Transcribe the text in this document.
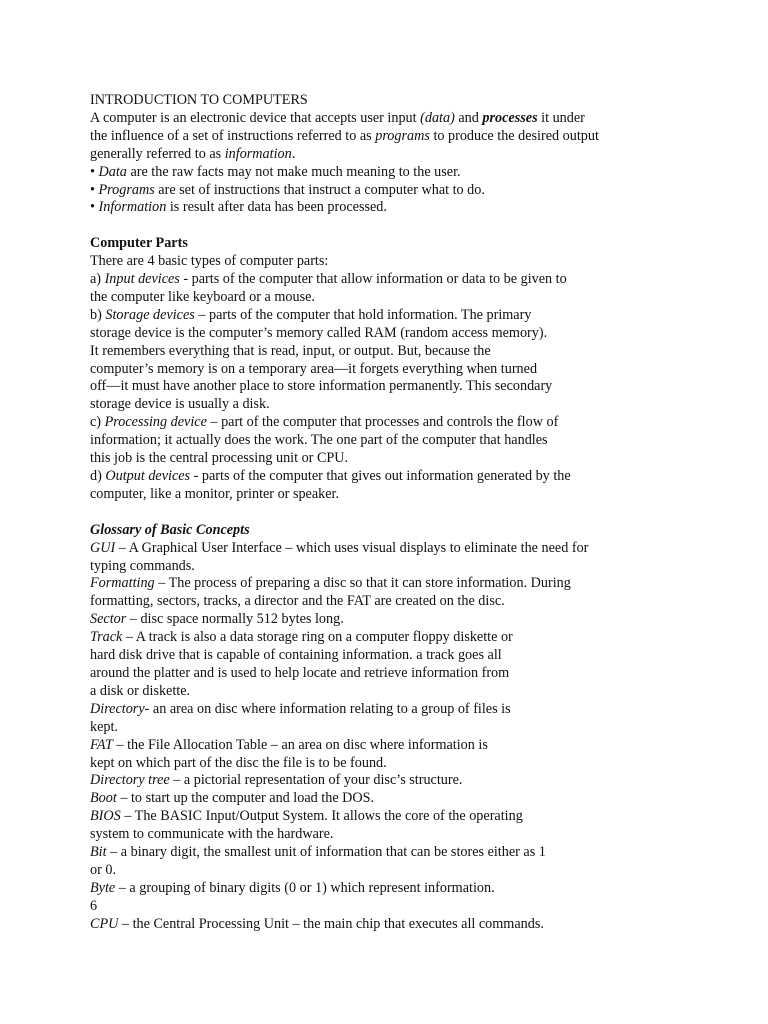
INTRODUCTION TO COMPUTERS
A computer is an electronic device that accepts user input (data) and processes it under
the influence of a set of instructions referred to as programs to produce the desired output
generally referred to as information.
• Data are the raw facts may not make much meaning to the user.
• Programs are set of instructions that instruct a computer what to do.
• Information is result after data has been processed.
Computer Parts
There are 4 basic types of computer parts:
a) Input devices - parts of the computer that allow information or data to be given to
the computer like keyboard or a mouse.
b) Storage devices – parts of the computer that hold information. The primary
storage device is the computer’s memory called RAM (random access memory).
It remembers everything that is read, input, or output. But, because the
computer’s memory is on a temporary area—it forgets everything when turned
off—it must have another place to store information permanently. This secondary
storage device is usually a disk.
c) Processing device – part of the computer that processes and controls the flow of
information; it actually does the work. The one part of the computer that handles
this job is the central processing unit or CPU.
d) Output devices - parts of the computer that gives out information generated by the
computer, like a monitor, printer or speaker.
Glossary of Basic Concepts
GUI – A Graphical User Interface – which uses visual displays to eliminate the need for
typing commands.
Formatting – The process of preparing a disc so that it can store information. During
formatting, sectors, tracks, a director and the FAT are created on the disc.
Sector – disc space normally 512 bytes long.
Track – A track is also a data storage ring on a computer floppy diskette or
hard disk drive that is capable of containing information. a track goes all
around the platter and is used to help locate and retrieve information from
a disk or diskette.
Directory- an area on disc where information relating to a group of files is
kept.
FAT – the File Allocation Table – an area on disc where information is
kept on which part of the disc the file is to be found.
Directory tree – a pictorial representation of your disc’s structure.
Boot – to start up the computer and load the DOS.
BIOS – The BASIC Input/Output System. It allows the core of the operating
system to communicate with the hardware.
Bit – a binary digit, the smallest unit of information that can be stores either as 1
or 0.
Byte – a grouping of binary digits (0 or 1) which represent information.
6
CPU – the Central Processing Unit – the main chip that executes all commands.
